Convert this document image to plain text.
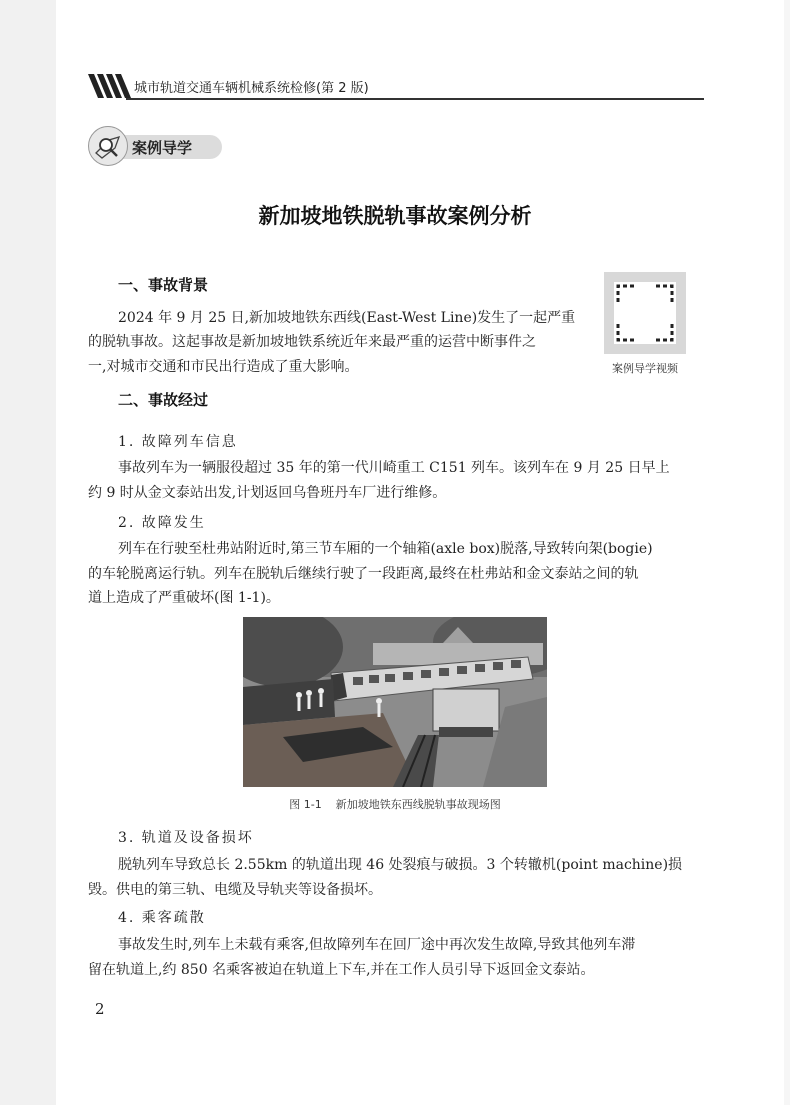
城市轨道交通车辆机械系统检修(第 2 版)
案例导学
新加坡地铁脱轨事故案例分析
一、事故背景
2024 年 9 月 25 日,新加坡地铁东西线(East-West Line)发生了一起严重
的脱轨事故。这起事故是新加坡地铁系统近年来最严重的运营中断事件之
一,对城市交通和市民出行造成了重大影响。	案例导学视频
二、事故经过
1. 故障列车信息
事故列车为一辆服役超过 35 年的第一代川崎重工 C151 列车。该列车在 9 月 25 日早上
约 9 时从金文泰站出发,计划返回乌鲁班丹车厂进行维修。
2. 故障发生
列车在行驶至杜弗站附近时,第三节车厢的一个轴箱(axle box)脱落,导致转向架(bogie)
的车轮脱离运行轨。列车在脱轨后继续行驶了一段距离,最终在杜弗站和金文泰站之间的轨
道上造成了严重破坏(图 1-1)。
图 1-1 新加坡地铁东西线脱轨事故现场图
3. 轨道及设备损坏
脱轨列车导致总长 2.55km 的轨道出现 46 处裂痕与破损。3 个转辙机(point machine)损
毁。供电的第三轨、电缆及导轨夹等设备损坏。
4. 乘客疏散
事故发生时,列车上未载有乘客,但故障列车在回厂途中再次发生故障,导致其他列车滞
留在轨道上,约 850 名乘客被迫在轨道上下车,并在工作人员引导下返回金文泰站。
2
